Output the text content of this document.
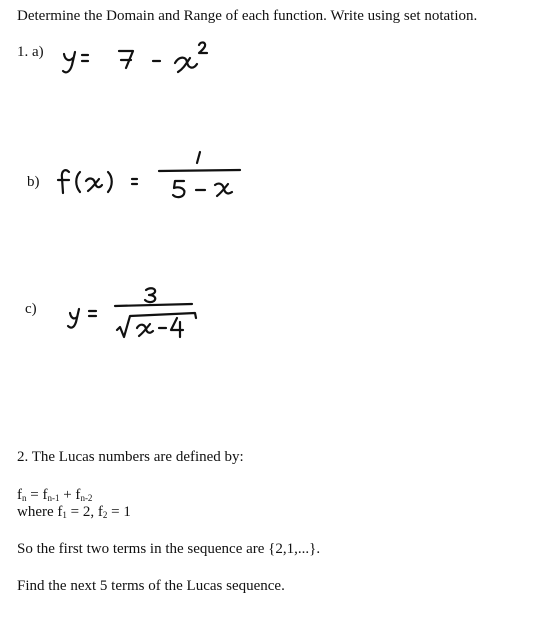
Determine the Domain and Range of each function. Write using set notation.
1. a)
b)
c)
2. The Lucas numbers are defined by:
$f_n = f_{n-1} + f_{n-2}$
where $f_1 = 2$, $f_2 = 1$
So the first two terms in the sequence are {2,1,...}.
Find the next 5 terms of the Lucas sequence.
